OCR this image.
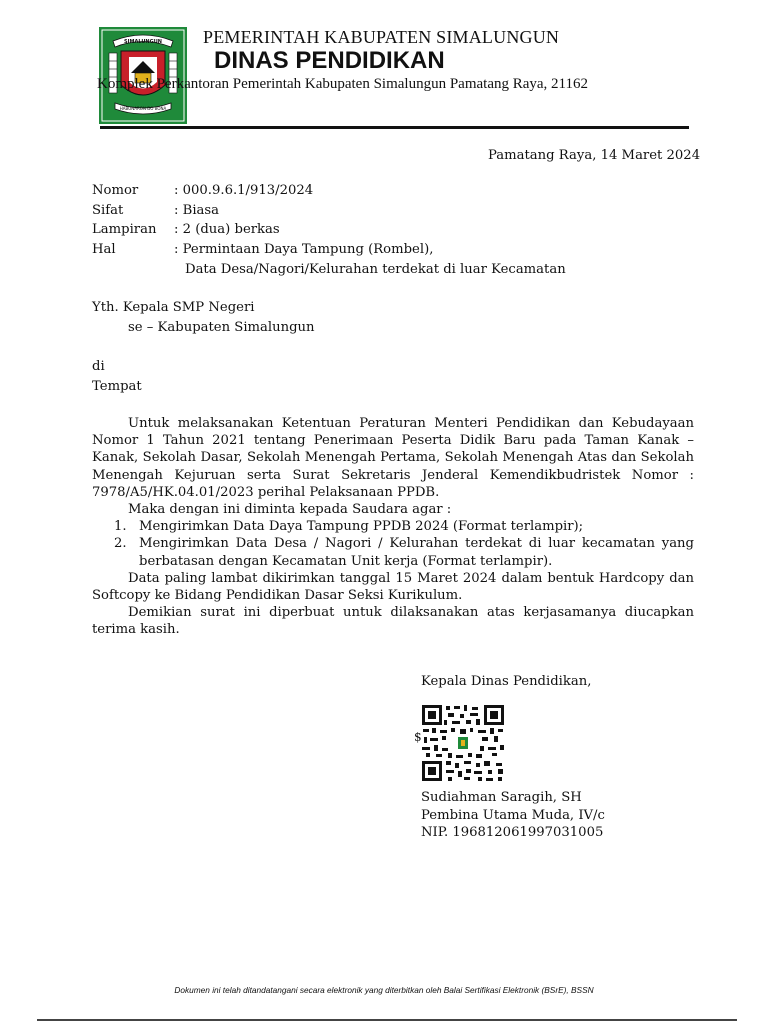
SIMALUNGUN
HABONARON DO BONA
PEMERINTAH KABUPATEN SIMALUNGUN
DINAS PENDIDIKAN
Komplek Perkantoran Pemerintah Kabupaten Simalungun Pamatang Raya, 21162
Pamatang Raya, 14 Maret 2024
Nomor	: 000.9.6.1/913/2024
Sifat	: Biasa
Lampiran	: 2 (dua) berkas
Hal	: Permintaan Daya Tampung (Rombel),
Data Desa/Nagori/Kelurahan terdekat di luar Kecamatan
Yth. Kepala SMP Negeri
se – Kabupaten Simalungun
di
Tempat
Untuk melaksanakan Ketentuan Peraturan Menteri Pendidikan dan Kebudayaan Nomor 1 Tahun 2021 tentang Penerimaan Peserta Didik Baru pada Taman Kanak – Kanak, Sekolah Dasar, Sekolah Menengah Pertama, Sekolah Menengah Atas dan Sekolah Menengah Kejuruan serta Surat Sekretaris Jenderal Kemendikbudristek Nomor : 7978/A5/HK.04.01/2023 perihal Pelaksanaan PPDB.
Maka dengan ini diminta kepada Saudara agar :
1. Mengirimkan Data Daya Tampung PPDB 2024 (Format terlampir);
2. Mengirimkan Data Desa / Nagori / Kelurahan terdekat di luar kecamatan yang berbatasan dengan Kecamatan Unit kerja (Format terlampir).
Data paling lambat dikirimkan tanggal 15 Maret 2024 dalam bentuk Hardcopy dan Softcopy ke Bidang Pendidikan Dasar Seksi Kurikulum.
Demikian surat ini diperbuat untuk dilaksanakan atas kerjasamanya diucapkan terima kasih.
Kepala Dinas Pendidikan,
$
Sudiahman Saragih, SH
Pembina Utama Muda, IV/c
NIP. 196812061997031005
Dokumen ini telah ditandatangani secara elektronik yang diterbitkan oleh Balai Sertifikasi Elektronik (BSrE), BSSN
